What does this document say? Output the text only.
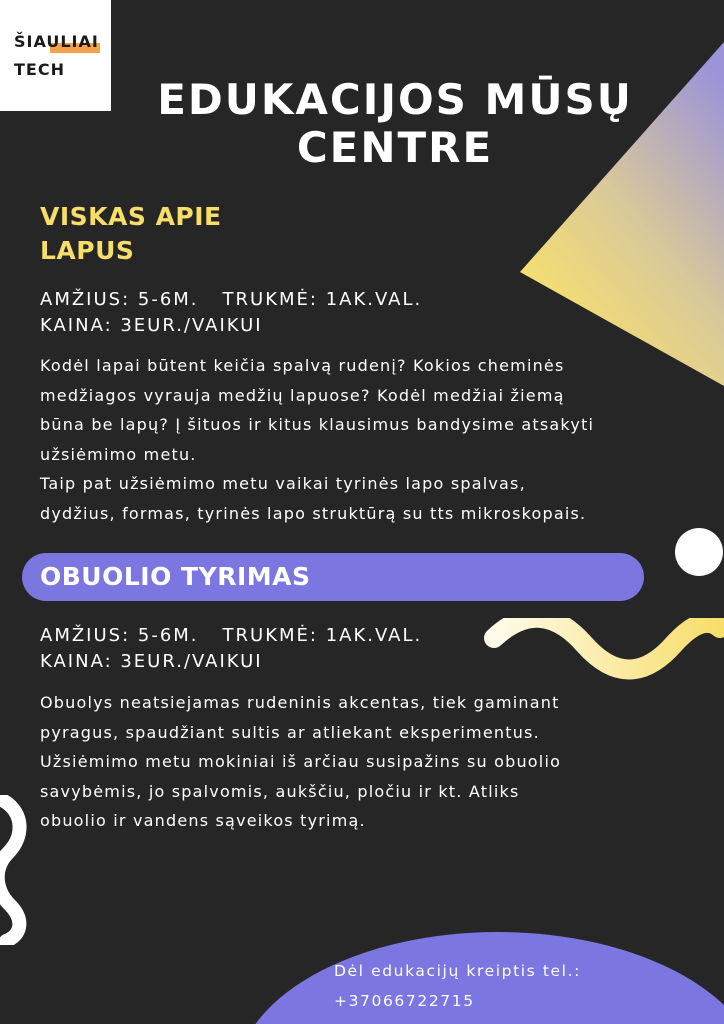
ŠIAULIAI
TECH
EDUKACIJOS MŪSŲ
CENTRE
VISKAS APIE
LAPUS
AMŽIUS: 5-6M. TRUKMĖ: 1AK.VAL.
KAINA: 3EUR./VAIKUI
Kodėl lapai būtent keičia spalvą rudenį? Kokios cheminės
medžiagos vyrauja medžių lapuose? Kodėl medžiai žiemą
būna be lapų? Į šituos ir kitus klausimus bandysime atsakyti
užsiėmimo metu.
Taip pat užsiėmimo metu vaikai tyrinės lapo spalvas,
dydžius, formas, tyrinės lapo struktūrą su tts mikroskopais.
OBUOLIO TYRIMAS
AMŽIUS: 5-6M. TRUKMĖ: 1AK.VAL.
KAINA: 3EUR./VAIKUI
Obuolys neatsiejamas rudeninis akcentas, tiek gaminant
pyragus, spaudžiant sultis ar atliekant eksperimentus.
Užsiėmimo metu mokiniai iš arčiau susipažins su obuolio
savybėmis, jo spalvomis, aukščiu, pločiu ir kt. Atliks
obuolio ir vandens sąveikos tyrimą.
Dėl edukacijų kreiptis tel.:
+37066722715
